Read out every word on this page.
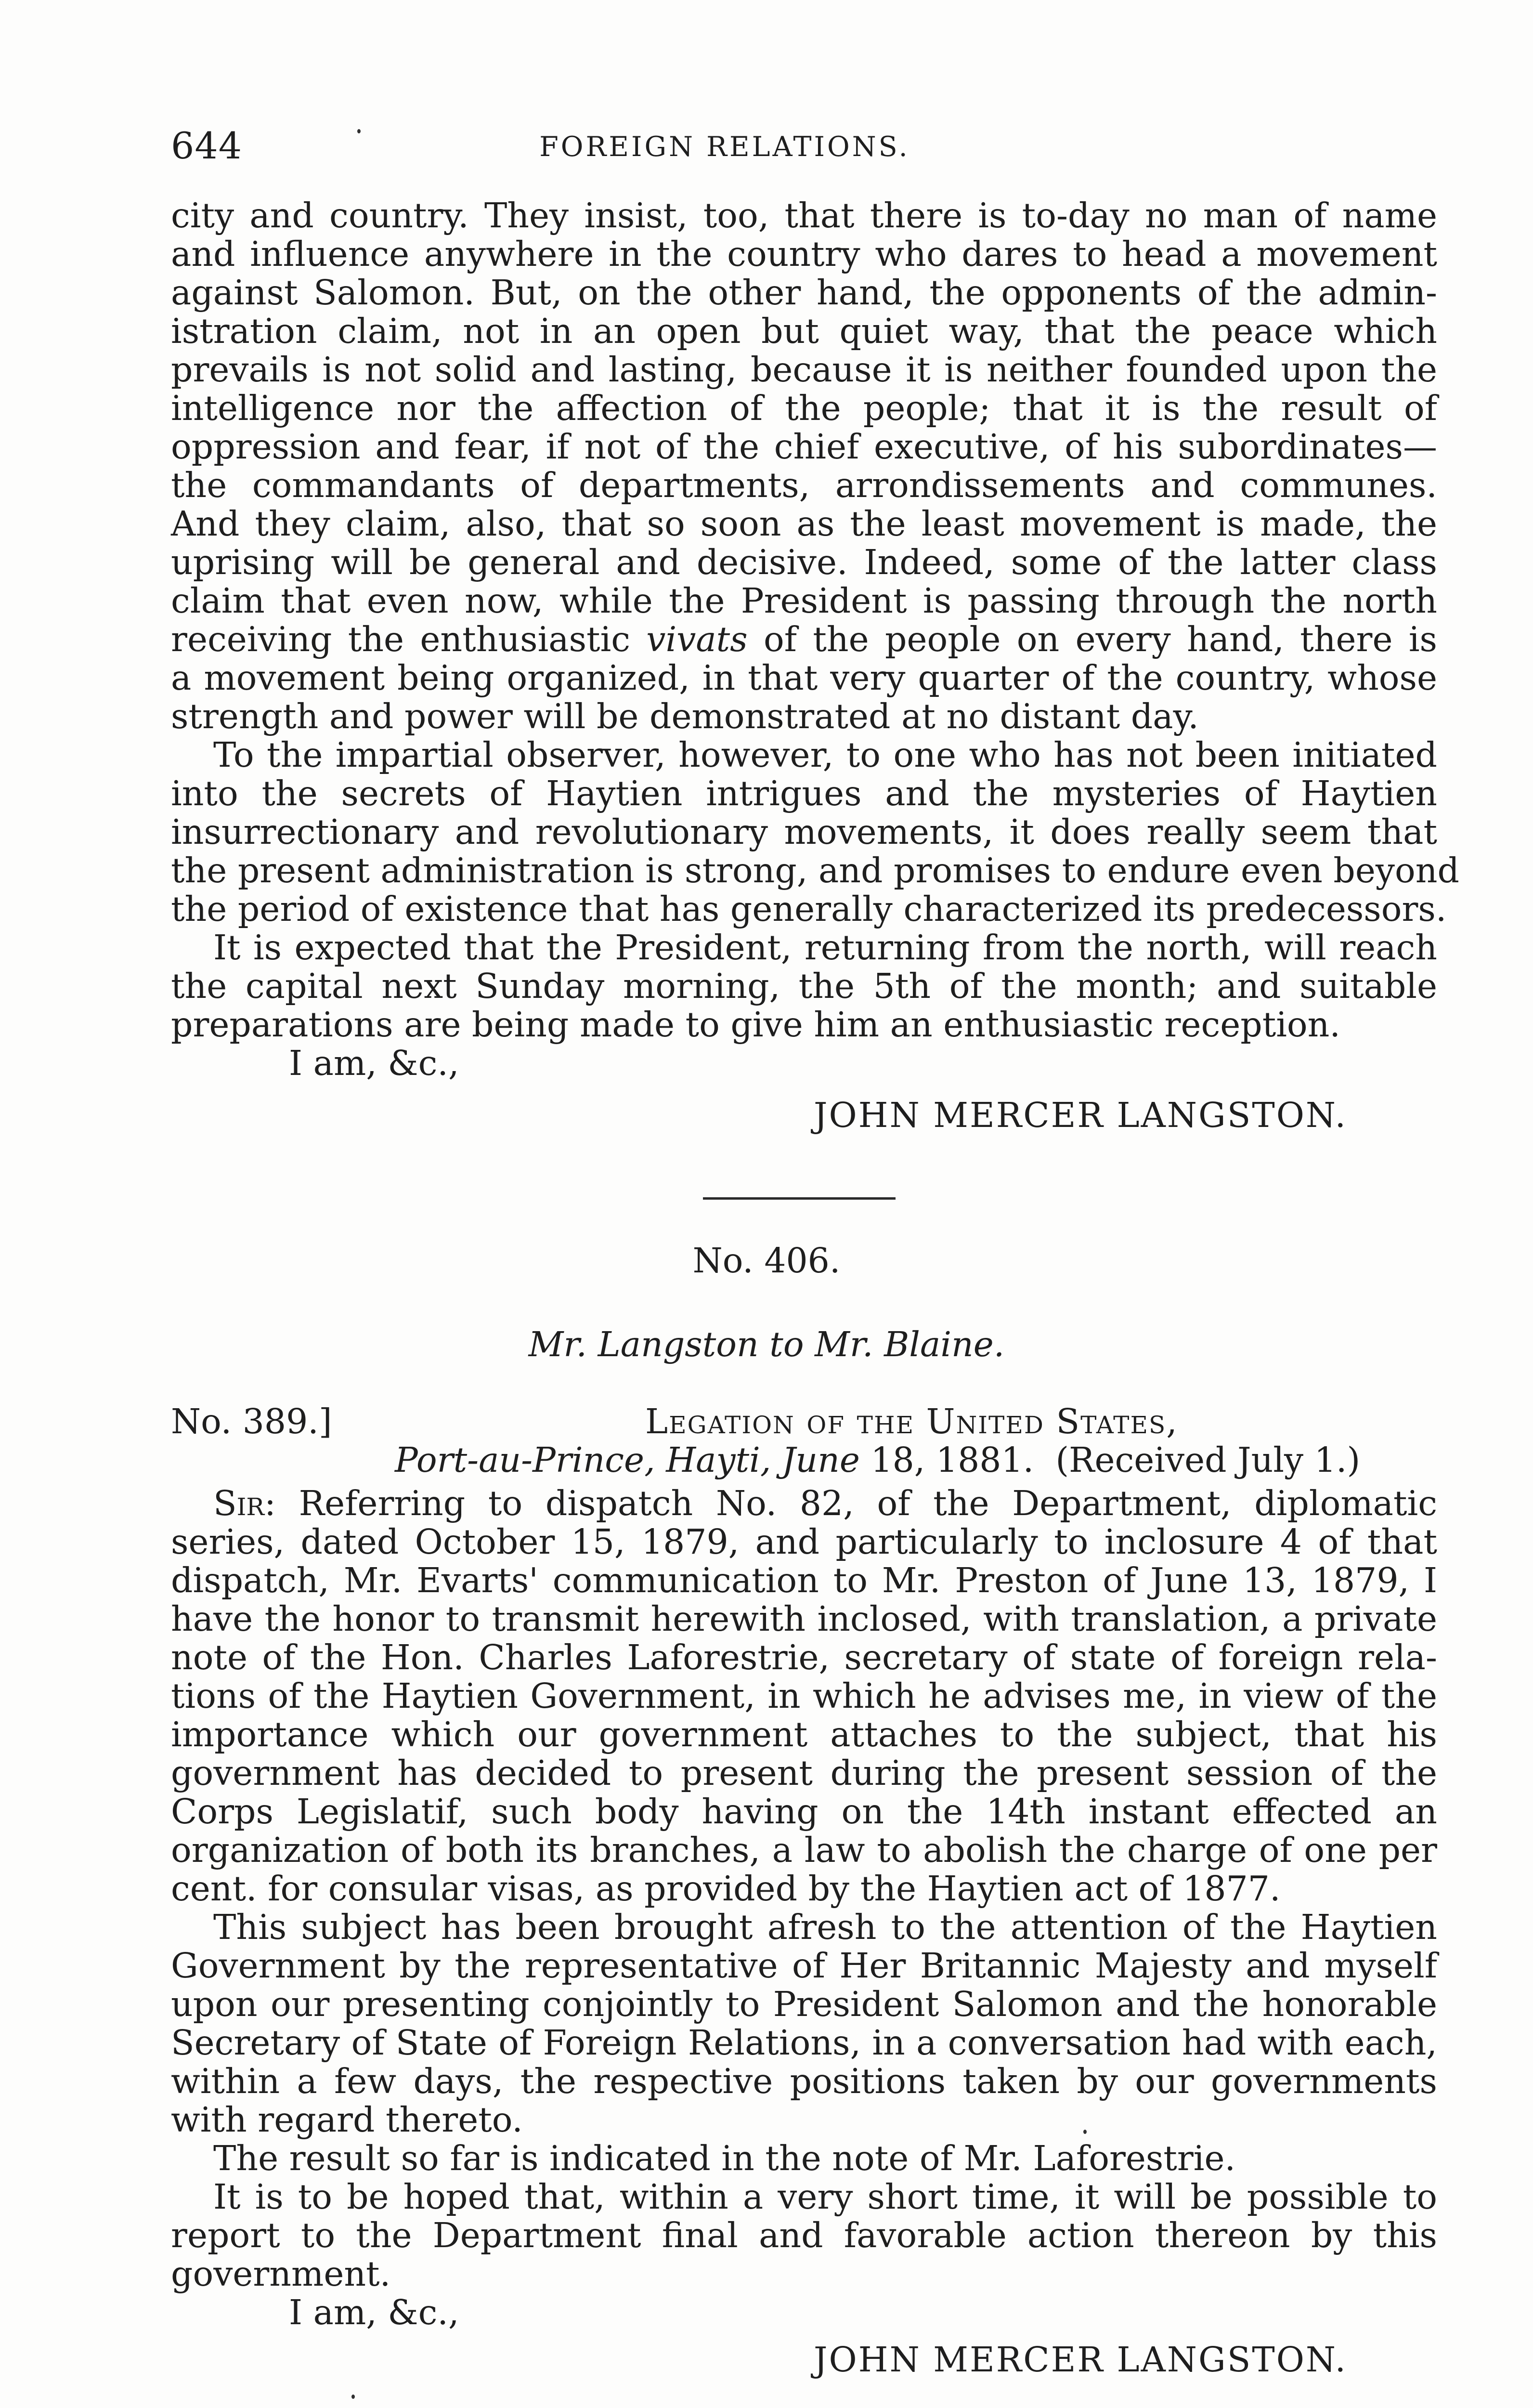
644	FOREIGN RELATIONS.
city and country. They insist, too, that there is to-day no man of name
and influence anywhere in the country who dares to head a movement
against Salomon. But, on the other hand, the opponents of the admin-
istration claim, not in an open but quiet way, that the peace which
prevails is not solid and lasting, because it is neither founded upon the
intelligence nor the affection of the people; that it is the result of
oppression and fear, if not of the chief executive, of his subordinates—
the commandants of departments, arrondissements and communes.
And they claim, also, that so soon as the least movement is made, the
uprising will be general and decisive. Indeed, some of the latter class
claim that even now, while the President is passing through the north
receiving the enthusiastic vivats of the people on every hand, there is
a movement being organized, in that very quarter of the country, whose
strength and power will be demonstrated at no distant day.
To the impartial observer, however, to one who has not been initiated
into the secrets of Haytien intrigues and the mysteries of Haytien
insurrectionary and revolutionary movements, it does really seem that
the present administration is strong, and promises to endure even beyond
the period of existence that has generally characterized its predecessors.
It is expected that the President, returning from the north, will reach
the capital next Sunday morning, the 5th of the month; and suitable
preparations are being made to give him an enthusiastic reception.
I am, &c.,
JOHN MERCER LANGSTON.
No. 406.
Mr. Langston to Mr. Blaine.
No. 389.]	Legation of the United States,
Port-au-Prince, Hayti, June 18, 1881. (Received July 1.)
Sir: Referring to dispatch No. 82, of the Department, diplomatic
series, dated October 15, 1879, and particularly to inclosure 4 of that
dispatch, Mr. Evarts' communication to Mr. Preston of June 13, 1879, I
have the honor to transmit herewith inclosed, with translation, a private
note of the Hon. Charles Laforestrie, secretary of state of foreign rela-
tions of the Haytien Government, in which he advises me, in view of the
importance which our government attaches to the subject, that his
government has decided to present during the present session of the
Corps Legislatif, such body having on the 14th instant effected an
organization of both its branches, a law to abolish the charge of one per
cent. for consular visas, as provided by the Haytien act of 1877.
This subject has been brought afresh to the attention of the Haytien
Government by the representative of Her Britannic Majesty and myself
upon our presenting conjointly to President Salomon and the honorable
Secretary of State of Foreign Relations, in a conversation had with each,
within a few days, the respective positions taken by our governments
with regard thereto.
The result so far is indicated in the note of Mr. Laforestrie.
It is to be hoped that, within a very short time, it will be possible to
report to the Department final and favorable action thereon by this
government.
I am, &c.,
JOHN MERCER LANGSTON.
